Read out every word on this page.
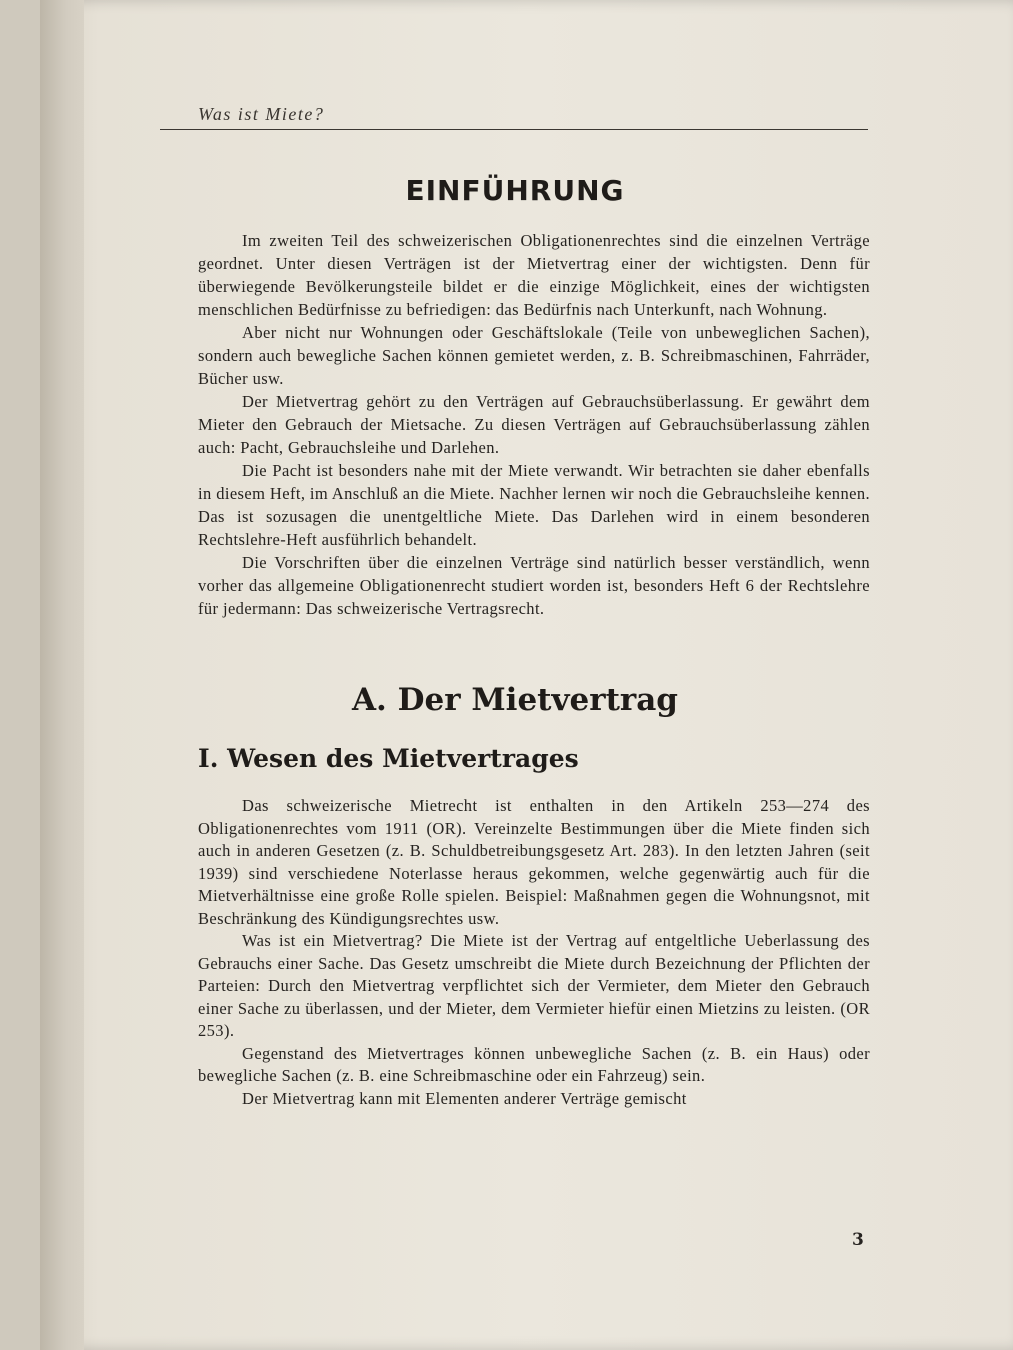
Was ist Miete?
EINFÜHRUNG

Im zweiten Teil des schweizerischen Obligationenrechtes sind die einzelnen Verträge geordnet. Unter diesen Verträgen ist der Mietvertrag einer der wichtigsten. Denn für überwiegende Bevölkerungsteile bildet er die einzige Möglichkeit, eines der wichtigsten menschlichen Bedürfnisse zu befriedigen: das Bedürfnis nach Unterkunft, nach Wohnung.

Aber nicht nur Wohnungen oder Geschäftslokale (Teile von unbeweglichen Sachen), sondern auch bewegliche Sachen können gemietet werden, z. B. Schreibmaschinen, Fahrräder, Bücher usw.

Der Mietvertrag gehört zu den Verträgen auf Gebrauchsüberlassung. Er gewährt dem Mieter den Gebrauch der Mietsache. Zu diesen Verträgen auf Gebrauchsüberlassung zählen auch: Pacht, Gebrauchsleihe und Darlehen.

Die Pacht ist besonders nahe mit der Miete verwandt. Wir betrachten sie daher ebenfalls in diesem Heft, im Anschluß an die Miete. Nachher lernen wir noch die Gebrauchsleihe kennen. Das ist sozusagen die unentgeltliche Miete. Das Darlehen wird in einem besonderen Rechtslehre-Heft ausführlich behandelt.

Die Vorschriften über die einzelnen Verträge sind natürlich besser verständlich, wenn vorher das allgemeine Obligationenrecht studiert worden ist, besonders Heft 6 der Rechtslehre für jedermann: Das schweizerische Vertragsrecht.

A. Der Mietvertrag
I. Wesen des Mietvertrages

Das schweizerische Mietrecht ist enthalten in den Artikeln 253—274 des Obligationenrechtes vom 1911 (OR). Vereinzelte Bestimmungen über die Miete finden sich auch in anderen Gesetzen (z. B. Schuldbetreibungsgesetz Art. 283). In den letzten Jahren (seit 1939) sind verschiedene Noterlasse heraus gekommen, welche gegenwärtig auch für die Mietverhältnisse eine große Rolle spielen. Beispiel: Maßnahmen gegen die Wohnungsnot, mit Beschränkung des Kündigungsrechtes usw.

Was ist ein Mietvertrag? Die Miete ist der Vertrag auf entgeltliche Ueberlassung des Gebrauchs einer Sache. Das Gesetz umschreibt die Miete durch Bezeichnung der Pflichten der Parteien: Durch den Mietvertrag verpflichtet sich der Vermieter, dem Mieter den Gebrauch einer Sache zu überlassen, und der Mieter, dem Vermieter hiefür einen Mietzins zu leisten. (OR 253).

Gegenstand des Mietvertrages können unbewegliche Sachen (z. B. ein Haus) oder bewegliche Sachen (z. B. eine Schreibmaschine oder ein Fahrzeug) sein.

Der Mietvertrag kann mit Elementen anderer Verträge gemischt

3
